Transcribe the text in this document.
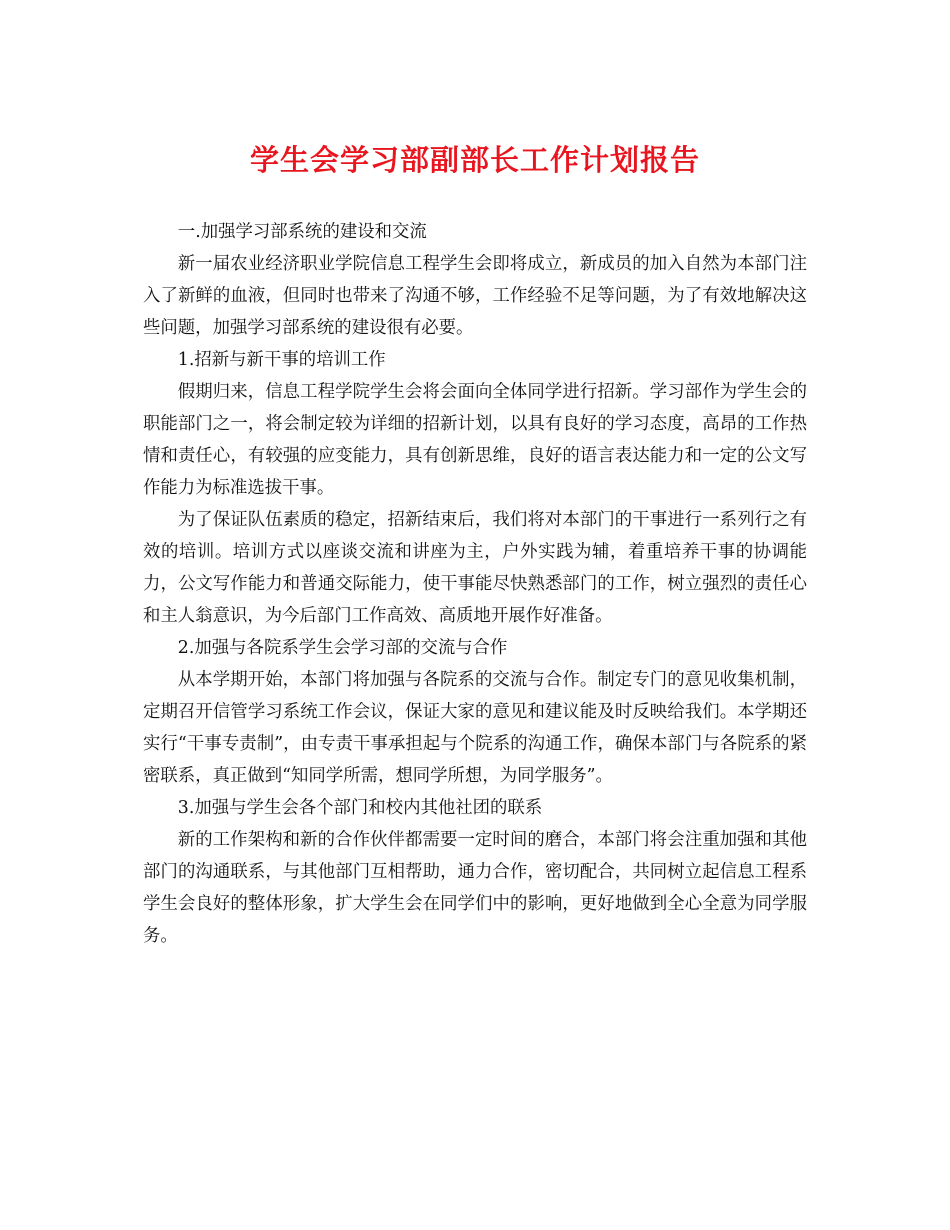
学生会学习部副部长工作计划报告

一.加强学习部系统的建设和交流

新一届农业经济职业学院信息工程学生会即将成立，新成员的加入自然为本部门注入了新鲜的血液，但同时也带来了沟通不够，工作经验不足等问题，为了有效地解决这些问题，加强学习部系统的建设很有必要。

1.招新与新干事的培训工作

假期归来，信息工程学院学生会将会面向全体同学进行招新。学习部作为学生会的职能部门之一，将会制定较为详细的招新计划，以具有良好的学习态度，高昂的工作热情和责任心，有较强的应变能力，具有创新思维，良好的语言表达能力和一定的公文写作能力为标准选拔干事。

为了保证队伍素质的稳定，招新结束后，我们将对本部门的干事进行一系列行之有效的培训。培训方式以座谈交流和讲座为主，户外实践为辅，着重培养干事的协调能力，公文写作能力和普通交际能力，使干事能尽快熟悉部门的工作，树立强烈的责任心和主人翁意识，为今后部门工作高效、高质地开展作好准备。

2.加强与各院系学生会学习部的交流与合作

从本学期开始，本部门将加强与各院系的交流与合作。制定专门的意见收集机制，定期召开信管学习系统工作会议，保证大家的意见和建议能及时反映给我们。本学期还实行“干事专责制”，由专责干事承担起与个院系的沟通工作，确保本部门与各院系的紧密联系，真正做到“知同学所需，想同学所想，为同学服务”。

3.加强与学生会各个部门和校内其他社团的联系

新的工作架构和新的合作伙伴都需要一定时间的磨合，本部门将会注重加强和其他部门的沟通联系，与其他部门互相帮助，通力合作，密切配合，共同树立起信息工程系学生会良好的整体形象，扩大学生会在同学们中的影响，更好地做到全心全意为同学服务。
